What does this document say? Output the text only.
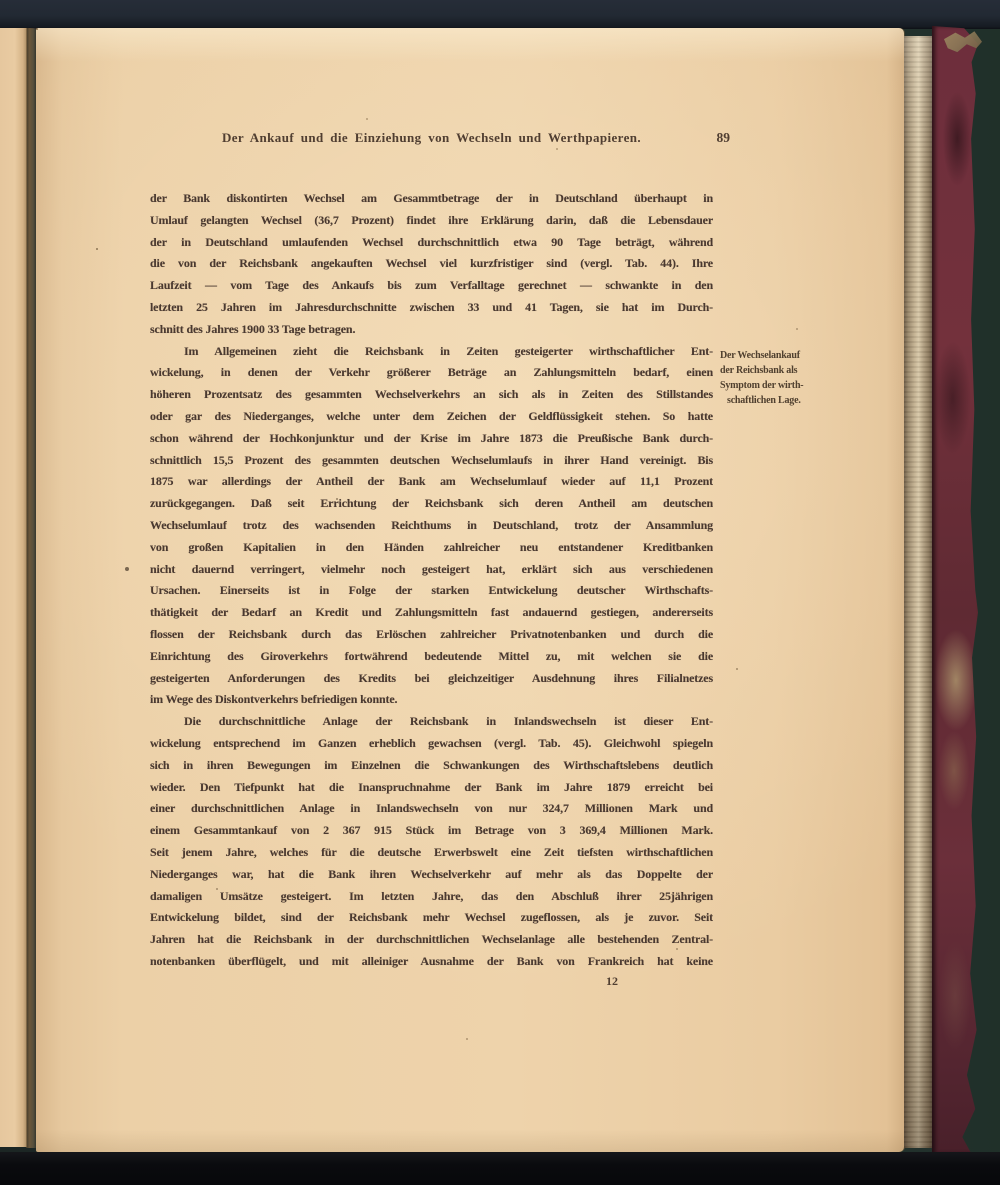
Der Ankauf und die Einziehung von Wechseln und Werthpapieren.	89
der Bank diskontirten Wechsel am Gesammtbetrage der in Deutschland überhaupt in
Umlauf gelangten Wechsel (36,7 Prozent) findet ihre Erklärung darin, daß die Lebensdauer
der in Deutschland umlaufenden Wechsel durchschnittlich etwa 90 Tage beträgt, während
die von der Reichsbank angekauften Wechsel viel kurzfristiger sind (vergl. Tab. 44). Ihre
Laufzeit — vom Tage des Ankaufs bis zum Verfalltage gerechnet — schwankte in den
letzten 25 Jahren im Jahresdurchschnitte zwischen 33 und 41 Tagen, sie hat im Durch-
schnitt des Jahres 1900 33 Tage betragen.
Im Allgemeinen zieht die Reichsbank in Zeiten gesteigerter wirthschaftlicher Ent-
wickelung, in denen der Verkehr größerer Beträge an Zahlungsmitteln bedarf, einen
höheren Prozentsatz des gesammten Wechselverkehrs an sich als in Zeiten des Stillstandes
oder gar des Niederganges, welche unter dem Zeichen der Geldflüssigkeit stehen. So hatte
schon während der Hochkonjunktur und der Krise im Jahre 1873 die Preußische Bank durch-
schnittlich 15,5 Prozent des gesammten deutschen Wechselumlaufs in ihrer Hand vereinigt. Bis
1875 war allerdings der Antheil der Bank am Wechselumlauf wieder auf 11,1 Prozent
zurückgegangen. Daß seit Errichtung der Reichsbank sich deren Antheil am deutschen
Wechselumlauf trotz des wachsenden Reichthums in Deutschland, trotz der Ansammlung
von großen Kapitalien in den Händen zahlreicher neu entstandener Kreditbanken
nicht dauernd verringert, vielmehr noch gesteigert hat, erklärt sich aus verschiedenen
Ursachen. Einerseits ist in Folge der starken Entwickelung deutscher Wirthschafts-
thätigkeit der Bedarf an Kredit und Zahlungsmitteln fast andauernd gestiegen, andererseits
flossen der Reichsbank durch das Erlöschen zahlreicher Privatnotenbanken und durch die
Einrichtung des Giroverkehrs fortwährend bedeutende Mittel zu, mit welchen sie die
gesteigerten Anforderungen des Kredits bei gleichzeitiger Ausdehnung ihres Filialnetzes
im Wege des Diskontverkehrs befriedigen konnte.
Die durchschnittliche Anlage der Reichsbank in Inlandswechseln ist dieser Ent-
wickelung entsprechend im Ganzen erheblich gewachsen (vergl. Tab. 45). Gleichwohl spiegeln
sich in ihren Bewegungen im Einzelnen die Schwankungen des Wirthschaftslebens deutlich
wieder. Den Tiefpunkt hat die Inanspruchnahme der Bank im Jahre 1879 erreicht bei
einer durchschnittlichen Anlage in Inlandswechseln von nur 324,7 Millionen Mark und
einem Gesammtankauf von 2 367 915 Stück im Betrage von 3 369,4 Millionen Mark.
Seit jenem Jahre, welches für die deutsche Erwerbswelt eine Zeit tiefsten wirthschaftlichen
Niederganges war, hat die Bank ihren Wechselverkehr auf mehr als das Doppelte der
damaligen Umsätze gesteigert. Im letzten Jahre, das den Abschluß ihrer 25jährigen
Entwickelung bildet, sind der Reichsbank mehr Wechsel zugeflossen, als je zuvor. Seit
Jahren hat die Reichsbank in der durchschnittlichen Wechselanlage alle bestehenden Zentral-
notenbanken überflügelt, und mit alleiniger Ausnahme der Bank von Frankreich hat keine
Der Wechselankauf
der Reichsbank als
Symptom der wirth-
schaftlichen Lage.
12
